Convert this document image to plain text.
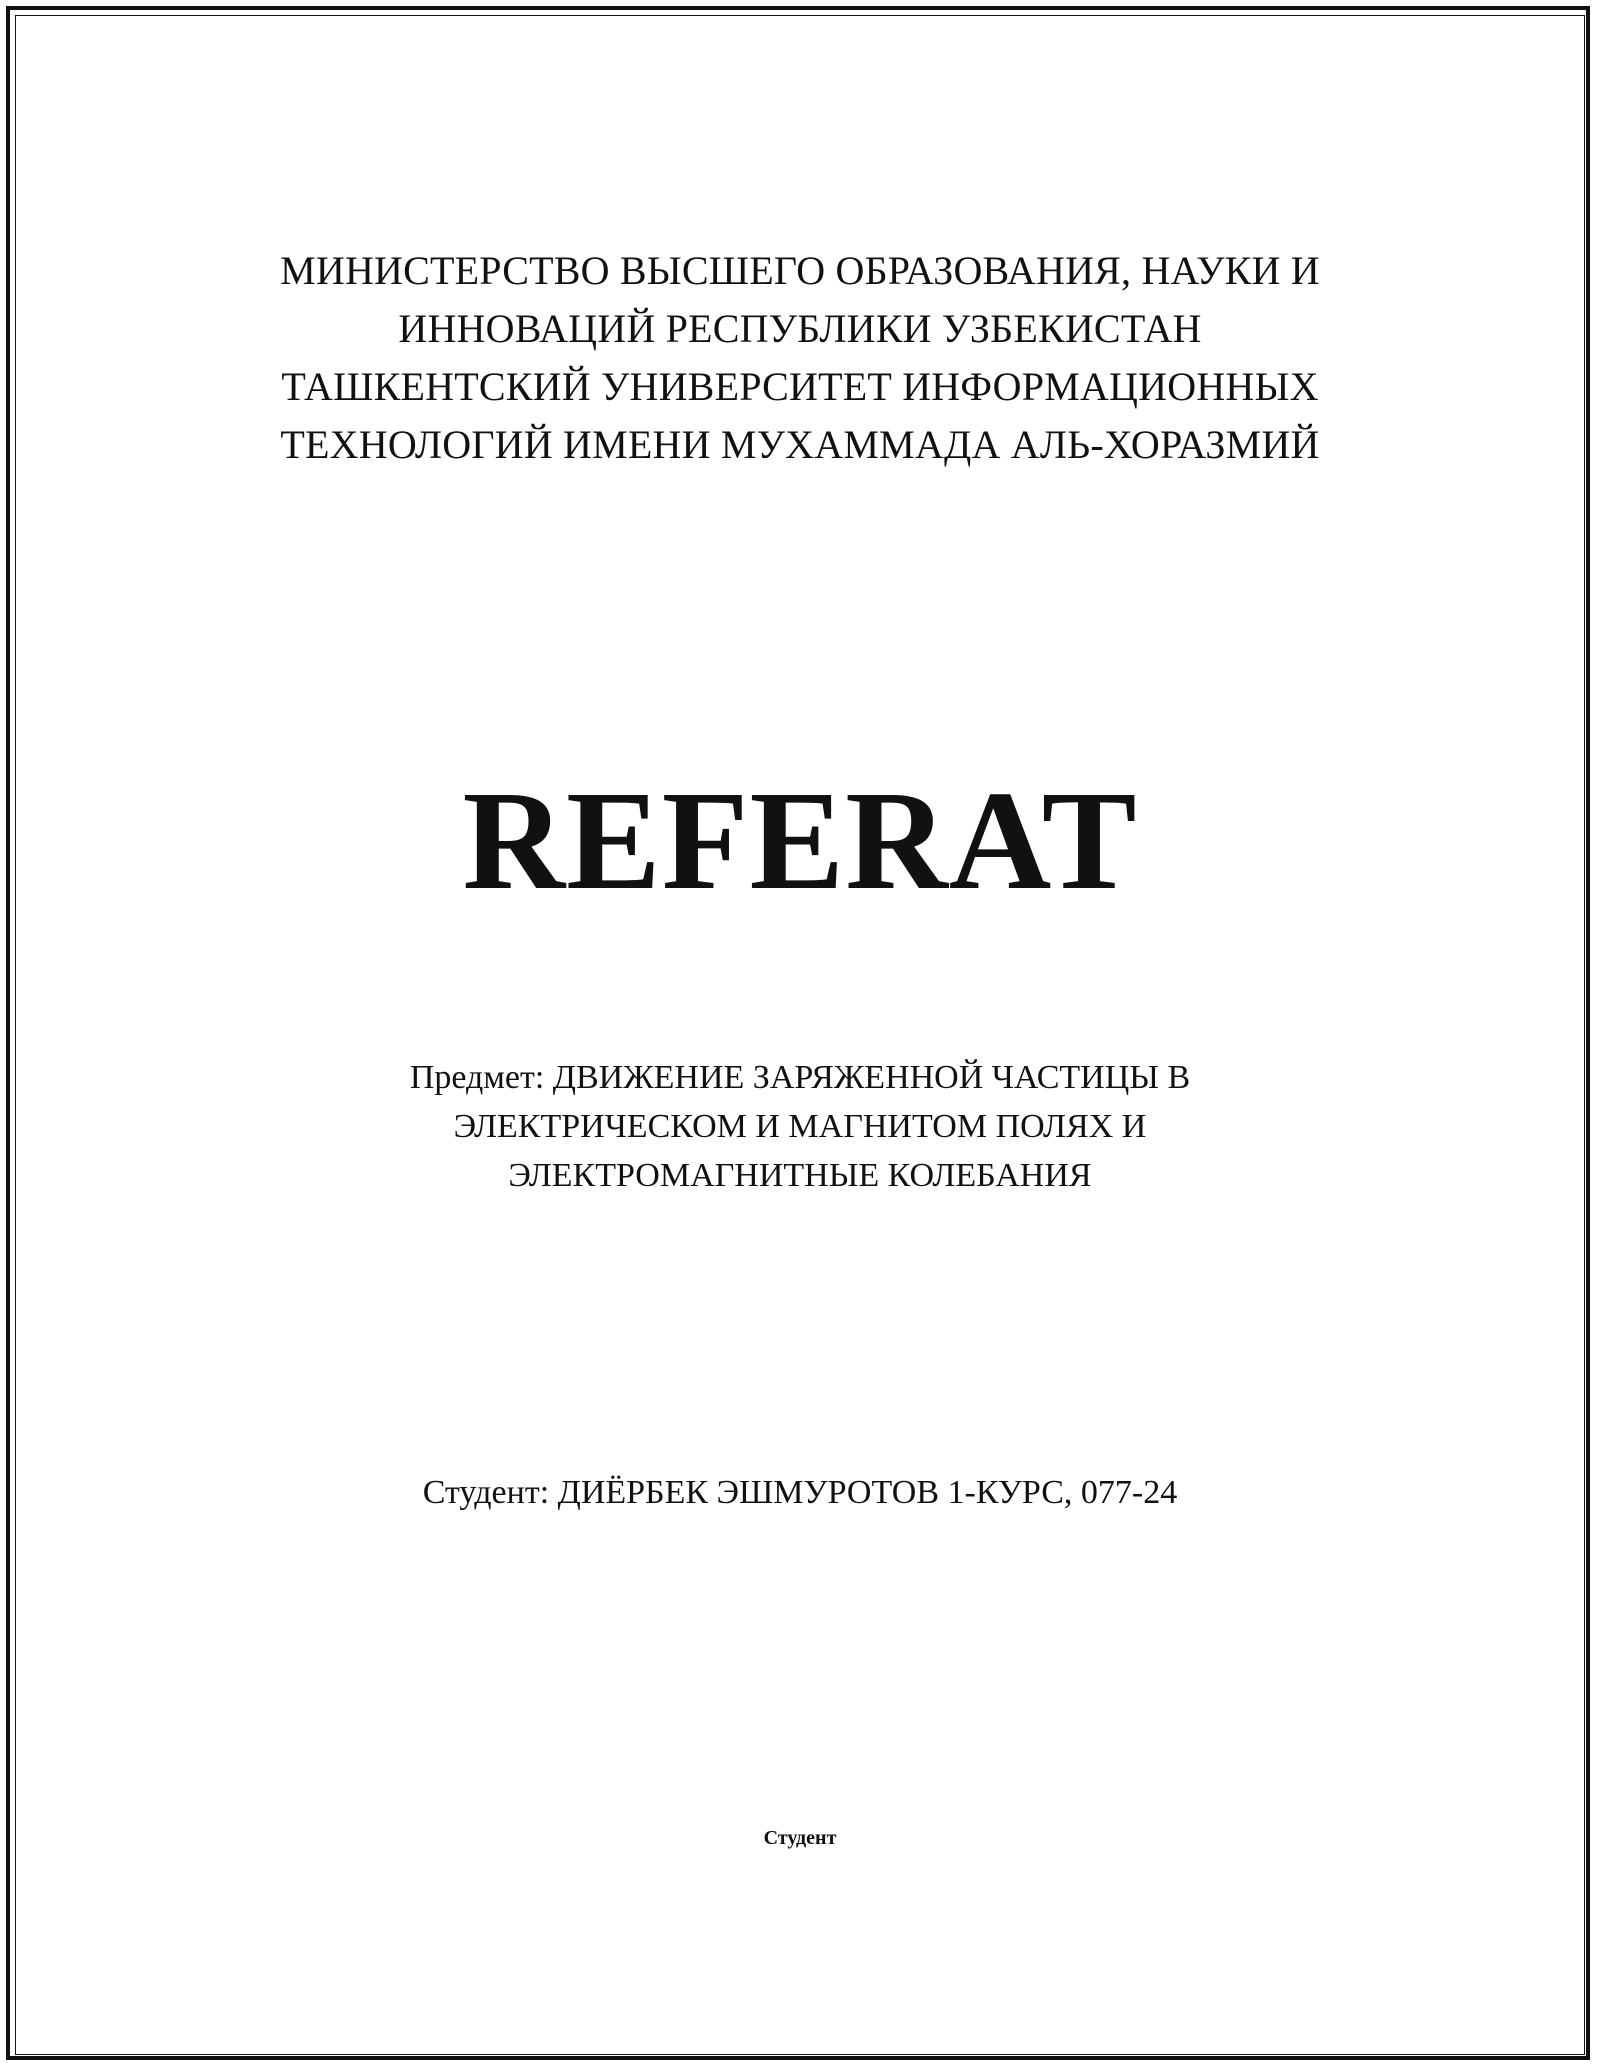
МИНИСТЕРСТВО ВЫСШЕГО ОБРАЗОВАНИЯ, НАУКИ И
ИННОВАЦИЙ РЕСПУБЛИКИ УЗБЕКИСТАН
ТАШКЕНТСКИЙ УНИВЕРСИТЕТ ИНФОРМАЦИОННЫХ
ТЕХНОЛОГИЙ ИМЕНИ МУХАММАДА АЛЬ-ХОРАЗМИЙ
REFERAT
Предмет: ДВИЖЕНИЕ ЗАРЯЖЕННОЙ ЧАСТИЦЫ В
ЭЛЕКТРИЧЕСКОМ И МАГНИТОМ ПОЛЯХ И
ЭЛЕКТРОМАГНИТНЫЕ КОЛЕБАНИЯ
Студент: ДИЁРБЕК ЭШМУРОТОВ 1-КУРС, 077-24
Студент
